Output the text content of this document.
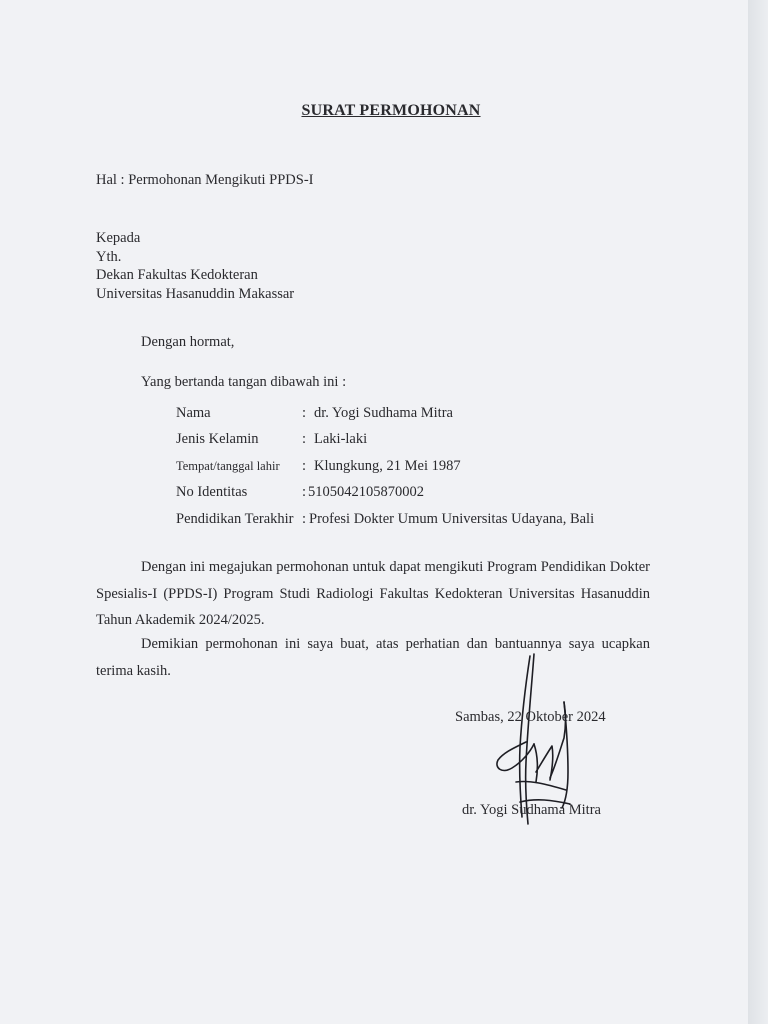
SURAT PERMOHONAN
Hal : Permohonan Mengikuti PPDS-I
Kepada
Yth.
Dekan Fakultas Kedokteran
Universitas Hasanuddin Makassar
Dengan hormat,
Yang bertanda tangan dibawah ini :
Nama	: dr. Yogi Sudhama Mitra
Jenis Kelamin	: Laki-laki
Tempat/tanggal lahir	: Klungkung, 21 Mei 1987
No Identitas	: 5105042105870002
Pendidikan Terakhir : Profesi Dokter Umum Universitas Udayana, Bali
Dengan ini megajukan permohonan untuk dapat mengikuti Program Pendidikan Dokter Spesialis-I (PPDS-I) Program Studi Radiologi Fakultas Kedokteran Universitas Hasanuddin Tahun Akademik 2024/2025.
Demikian permohonan ini saya buat, atas perhatian dan bantuannya saya ucapkan terima kasih.
Sambas, 22 Oktober 2024
dr. Yogi Sudhama Mitra
